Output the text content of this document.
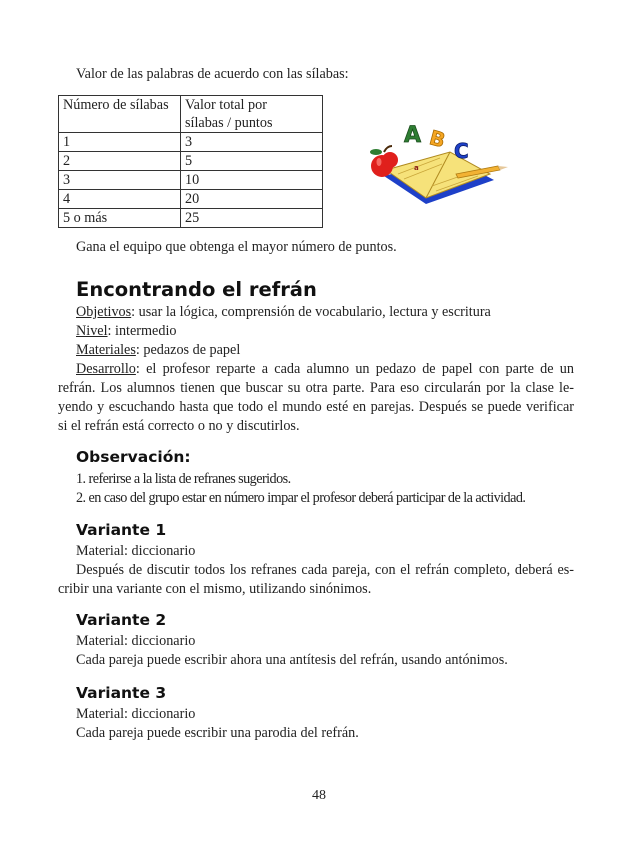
Valor de las palabras de acuerdo con las sílabas:

Número de sílabas	Valor total por
sílabas / puntos
1	3
2	5
3	10
4	20
5 o más	25
A B C
a

Gana el equipo que obtenga el mayor número de puntos.

Encontrando el refrán

Objetivos: usar la lógica, comprensión de vocabulario, lectura y escritura

Nivel: intermedio

Materiales: pedazos de papel

Desarrollo: el profesor reparte a cada alumno un pedazo de papel con parte de un

refrán. Los alumnos tienen que buscar su otra parte. Para eso circularán por la clase le-

yendo y escuchando hasta que todo el mundo esté en parejas. Después se puede verificar

si el refrán está correcto o no y discutirlos.

Observación:

1. referirse a la lista de refranes sugeridos.

2. en caso del grupo estar en número impar el profesor deberá participar de la actividad.

Variante 1

Material: diccionario

Después de discutir todos los refranes cada pareja, con el refrán completo, deberá es-

cribir una variante con el mismo, utilizando sinónimos.

Variante 2

Material: diccionario

Cada pareja puede escribir ahora una antítesis del refrán, usando antónimos.

Variante 3

Material: diccionario

Cada pareja puede escribir una parodia del refrán.

48
